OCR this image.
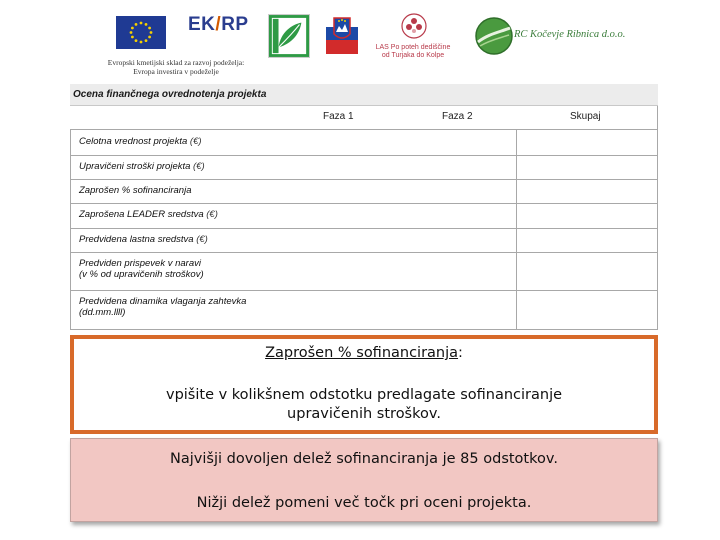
Evropski kmetijski sklad za razvoj podeželja:
Evropa investira v podeželje
EK/RP
LAS Po poteh dediščine
od Turjaka do Kolpe
RC Kočevje Ribnica d.o.o.
Ocena finančnega ovrednotenja projekta
Faza 1	Faza 2	Skupaj
Celotna vrednost projekta (€)
Upravičeni stroški projekta (€)
Zaprošen % sofinanciranja
Zaprošena LEADER sredstva (€)
Predvidena lastna sredstva (€)
Predviden prispevek v naravi
(v % od upravičenih stroškov)
Predvidena dinamika vlaganja zahtevka
(dd.mm.llll)
Zaprošen % sofinanciranja:
vpišite v kolikšnem odstotku predlagate sofinanciranje
upravičenih stroškov.
Najvišji dovoljen delež sofinanciranja je 85 odstotkov.
Nižji delež pomeni več točk pri oceni projekta.
